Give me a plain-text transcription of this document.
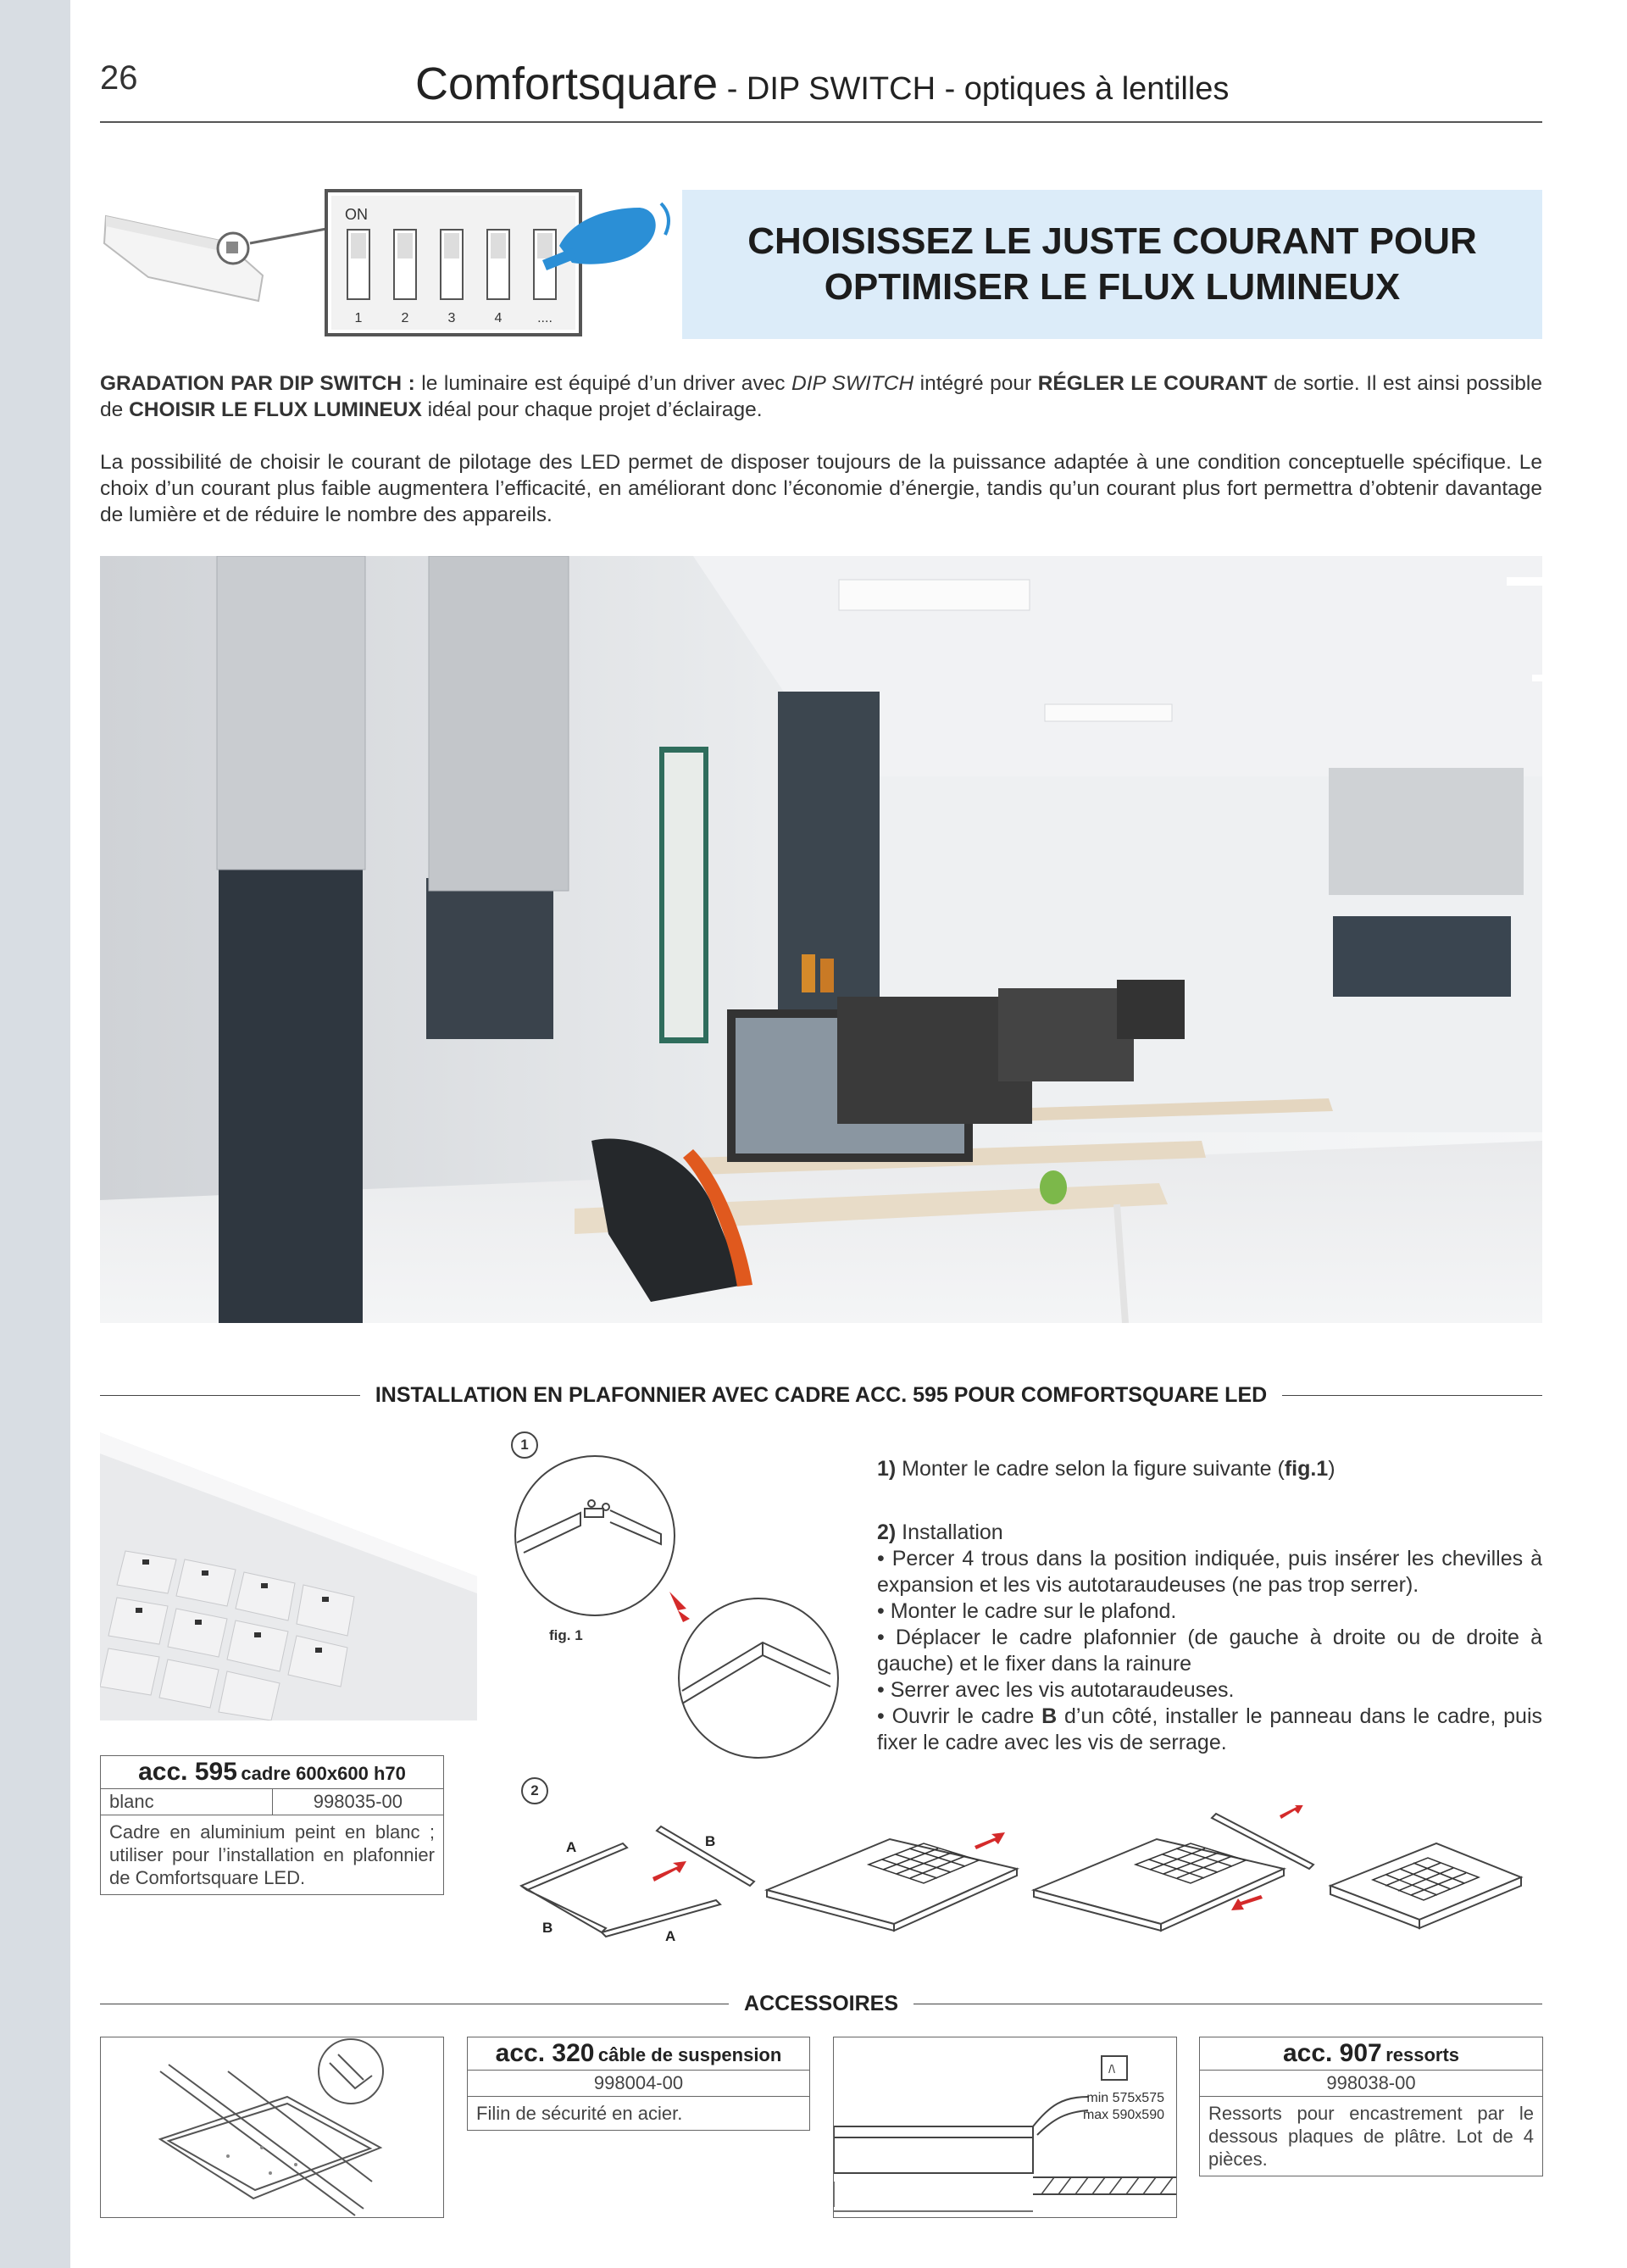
26	Comfortsquare - DIP SWITCH - optiques à lentilles
ON
1	2	3	4	....
CHOISISSEZ LE JUSTE COURANT POUR
OPTIMISER LE FLUX LUMINEUX
GRADATION PAR DIP SWITCH : le luminaire est équipé d’un driver avec DIP SWITCH intégré pour RÉGLER LE COURANT de sortie. Il est ainsi possible de CHOISIR LE FLUX LUMINEUX idéal pour chaque projet d’éclairage.
La possibilité de choisir le courant de pilotage des LED permet de disposer toujours de la puissance adaptée à une condition conceptuelle spécifique. Le choix d’un courant plus faible augmentera l’efficacité, en améliorant donc l’économie d’énergie, tandis qu’un courant plus fort permettra d’obtenir davantage de lumière et de réduire le nombre des appareils.
INSTALLATION EN PLAFONNIER AVEC CADRE ACC. 595 POUR COMFORTSQUARE LED
acc. 595 cadre 600x600 h70
blanc	998035-00
Cadre en aluminium peint en blanc ; utiliser pour l’installation en plafonnier de Comfortsquare LED.
1
fig. 1
1) Monter le cadre selon la figure suivante (fig.1)
2) Installation
• Percer 4 trous dans la position indiquée, puis insérer les chevilles à expansion et les vis autotaraudeuses (ne pas trop serrer).
• Monter le cadre sur le plafond.
• Déplacer le cadre plafonnier (de gauche à droite ou de droite à gauche) et le fixer dans la rainure
• Serrer avec les vis autotaraudeuses.
• Ouvrir le cadre B d’un côté, installer le panneau dans le cadre, puis fixer le cadre avec les vis de serrage.
2
A	B
B
A
ACCESSOIRES
acc. 320 câble de suspension
998004-00
Filin de sécurité en acier.
/\
min 575x575
max 590x590
acc. 907 ressorts
998038-00
Ressorts pour encastrement par le dessous plaques de plâtre. Lot de 4 pièces.
